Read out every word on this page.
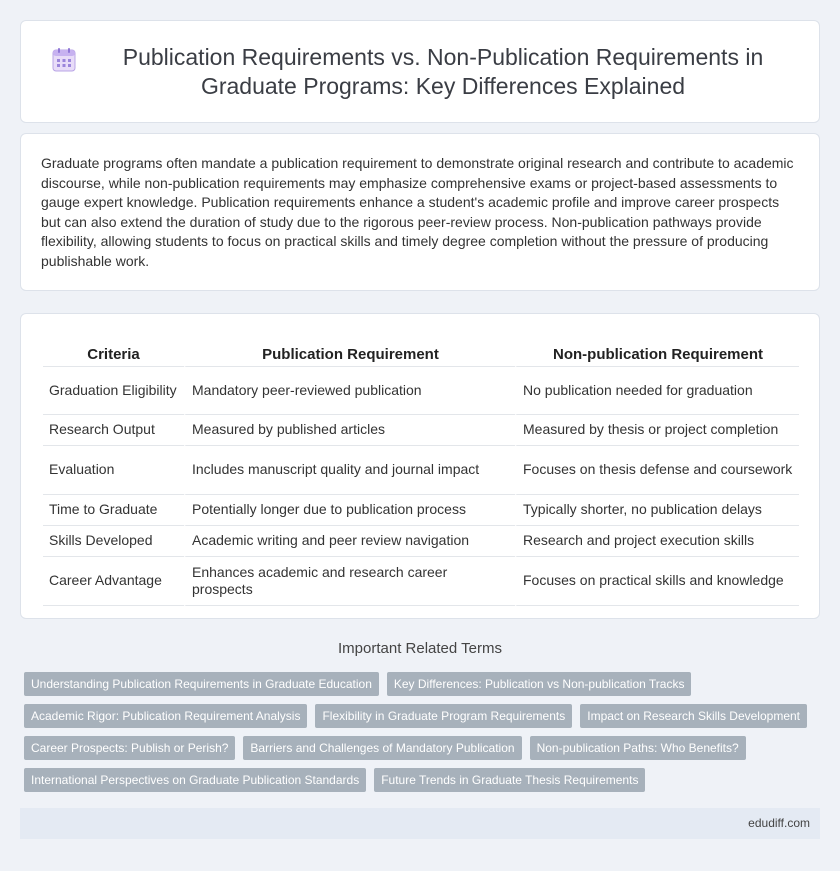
Publication Requirements vs. Non-Publication Requirements in Graduate Programs: Key Differences Explained

Graduate programs often mandate a publication requirement to demonstrate original research and contribute to academic discourse, while non-publication requirements may emphasize comprehensive exams or project-based assessments to gauge expert knowledge. Publication requirements enhance a student's academic profile and improve career prospects but can also extend the duration of study due to the rigorous peer-review process. Non-publication pathways provide flexibility, allowing students to focus on practical skills and timely degree completion without the pressure of producing publishable work.

Criteria	Publication Requirement	Non-publication Requirement
Graduation Eligibility	Mandatory peer-reviewed publication	No publication needed for graduation
Research Output	Measured by published articles	Measured by thesis or project completion
Evaluation	Includes manuscript quality and journal impact	Focuses on thesis defense and coursework
Time to Graduate	Potentially longer due to publication process	Typically shorter, no publication delays
Skills Developed	Academic writing and peer review navigation	Research and project execution skills
Career Advantage	Enhances academic and research career prospects	Focuses on practical skills and knowledge
Important Related Terms
Understanding Publication Requirements in Graduate Education	Key Differences: Publication vs Non-publication Tracks
Academic Rigor: Publication Requirement Analysis	Flexibility in Graduate Program Requirements	Impact on Research Skills Development
Career Prospects: Publish or Perish?	Barriers and Challenges of Mandatory Publication	Non-publication Paths: Who Benefits?
International Perspectives on Graduate Publication Standards	Future Trends in Graduate Thesis Requirements
edudiff.com
